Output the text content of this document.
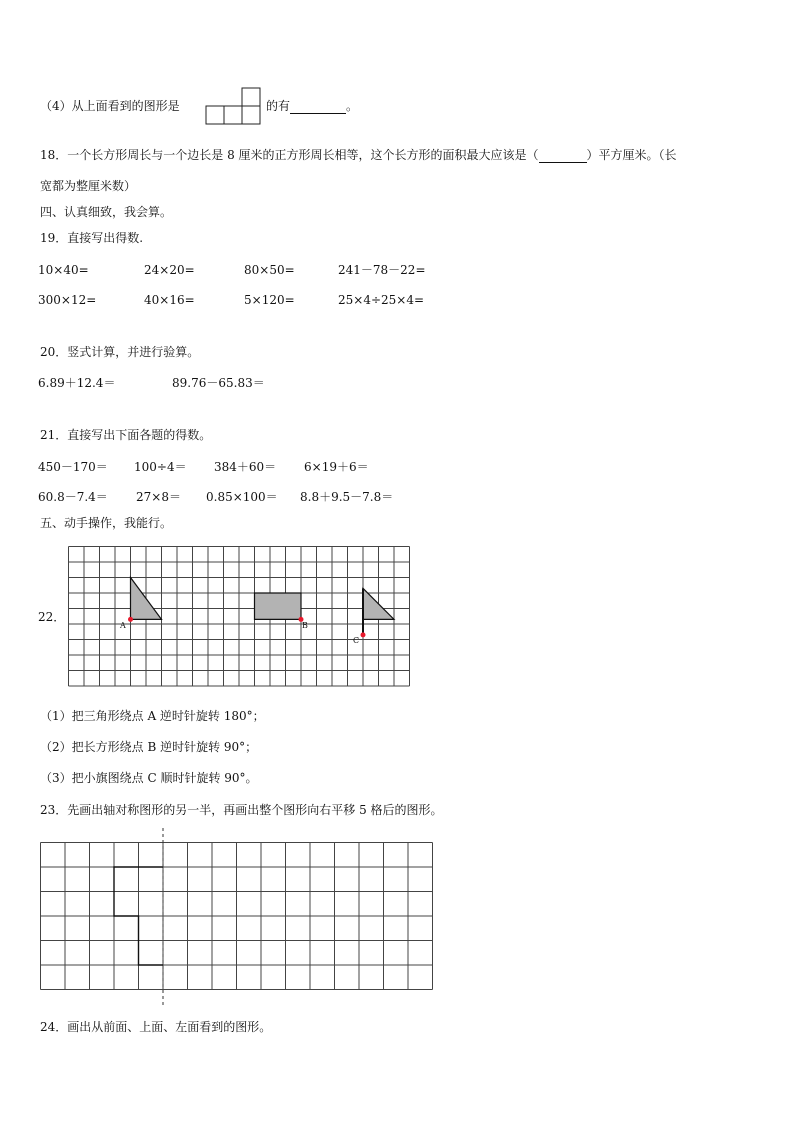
（4）从上面看到的图形是	的有	。
18．一个长方形周长与一个边长是 8 厘米的正方形周长相等，这个长方形的面积最大应该是（	）平方厘米。（长
宽都为整厘米数）
四、认真细致，我会算。
19．直接写出得数.
10×40=	24×20=	80×50=	241－78－22=
300×12=	40×16=	5×120=	25×4÷25×4=
20．竖式计算，并进行验算。
6.89＋12.4＝	89.76－65.83＝
21．直接写出下面各题的得数。
450－170＝ 100÷4＝ 384＋60＝ 6×19＋6＝
60.8－7.4＝ 27×8＝ 0.85×100＝ 8.8＋9.5－7.8＝
五、动手操作，我能行。
22．
A	B
C
（1）把三角形绕点 A 逆时针旋转 180°；
（2）把长方形绕点 B 逆时针旋转 90°；
（3）把小旗图绕点 C 顺时针旋转 90°。
23．先画出轴对称图形的另一半，再画出整个图形向右平移 5 格后的图形。
24．画出从前面、上面、左面看到的图形。
